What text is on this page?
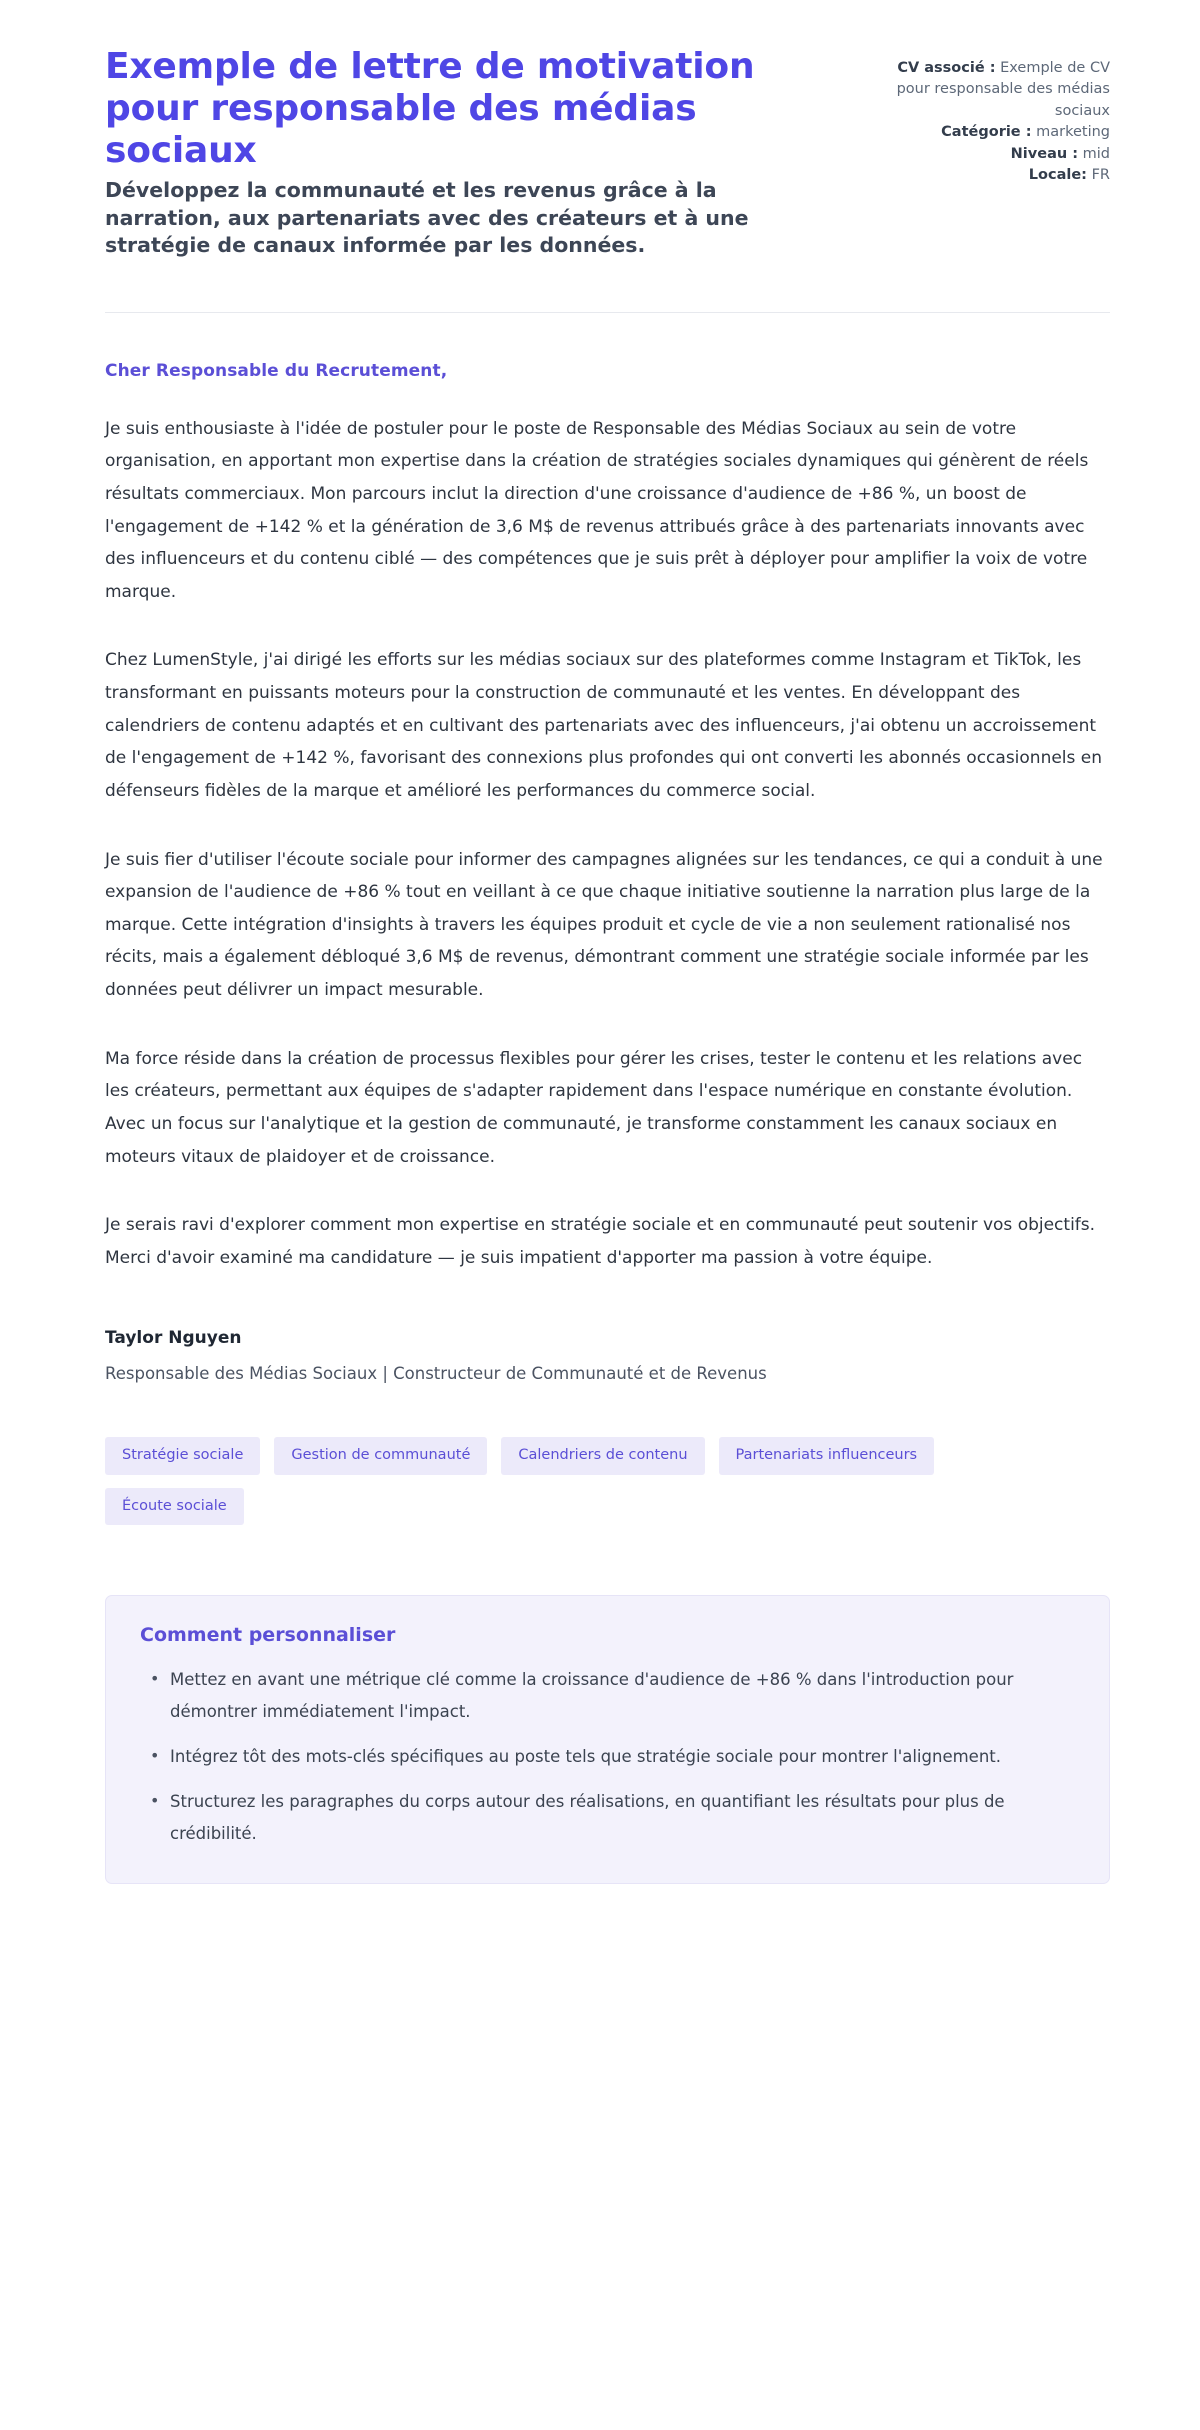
Exemple de lettre de motivation pour responsable des médias sociaux

Développez la communauté et les revenus grâce à la narration, aux partenariats avec des créateurs et à une stratégie de canaux informée par les données.

CV associé : Exemple de CV pour responsable des médias sociaux
Catégorie : marketing
Niveau : mid
Locale: FR

Cher Responsable du Recrutement,

Je suis enthousiaste à l'idée de postuler pour le poste de Responsable des Médias Sociaux au sein de votre organisation, en apportant mon expertise dans la création de stratégies sociales dynamiques qui génèrent de réels résultats commerciaux. Mon parcours inclut la direction d'une croissance d'audience de +86 %, un boost de l'engagement de +142 % et la génération de 3,6 M$ de revenus attribués grâce à des partenariats innovants avec des influenceurs et du contenu ciblé — des compétences que je suis prêt à déployer pour amplifier la voix de votre marque.

Chez LumenStyle, j'ai dirigé les efforts sur les médias sociaux sur des plateformes comme Instagram et TikTok, les transformant en puissants moteurs pour la construction de communauté et les ventes. En développant des calendriers de contenu adaptés et en cultivant des partenariats avec des influenceurs, j'ai obtenu un accroissement de l'engagement de +142 %, favorisant des connexions plus profondes qui ont converti les abonnés occasionnels en défenseurs fidèles de la marque et amélioré les performances du commerce social.

Je suis fier d'utiliser l'écoute sociale pour informer des campagnes alignées sur les tendances, ce qui a conduit à une expansion de l'audience de +86 % tout en veillant à ce que chaque initiative soutienne la narration plus large de la marque. Cette intégration d'insights à travers les équipes produit et cycle de vie a non seulement rationalisé nos récits, mais a également débloqué 3,6 M$ de revenus, démontrant comment une stratégie sociale informée par les données peut délivrer un impact mesurable.

Ma force réside dans la création de processus flexibles pour gérer les crises, tester le contenu et les relations avec les créateurs, permettant aux équipes de s'adapter rapidement dans l'espace numérique en constante évolution. Avec un focus sur l'analytique et la gestion de communauté, je transforme constamment les canaux sociaux en moteurs vitaux de plaidoyer et de croissance.

Je serais ravi d'explorer comment mon expertise en stratégie sociale et en communauté peut soutenir vos objectifs. Merci d'avoir examiné ma candidature — je suis impatient d'apporter ma passion à votre équipe.

Taylor Nguyen

Responsable des Médias Sociaux | Constructeur de Communauté et de Revenus

Stratégie sociale	Gestion de communauté	Calendriers de contenu	Partenariats influenceurs
Écoute sociale
Comment personnaliser
• Mettez en avant une métrique clé comme la croissance d'audience de +86 % dans l'introduction pour démontrer immédiatement l'impact.
• Intégrez tôt des mots-clés spécifiques au poste tels que stratégie sociale pour montrer l'alignement.
• Structurez les paragraphes du corps autour des réalisations, en quantifiant les résultats pour plus de crédibilité.
